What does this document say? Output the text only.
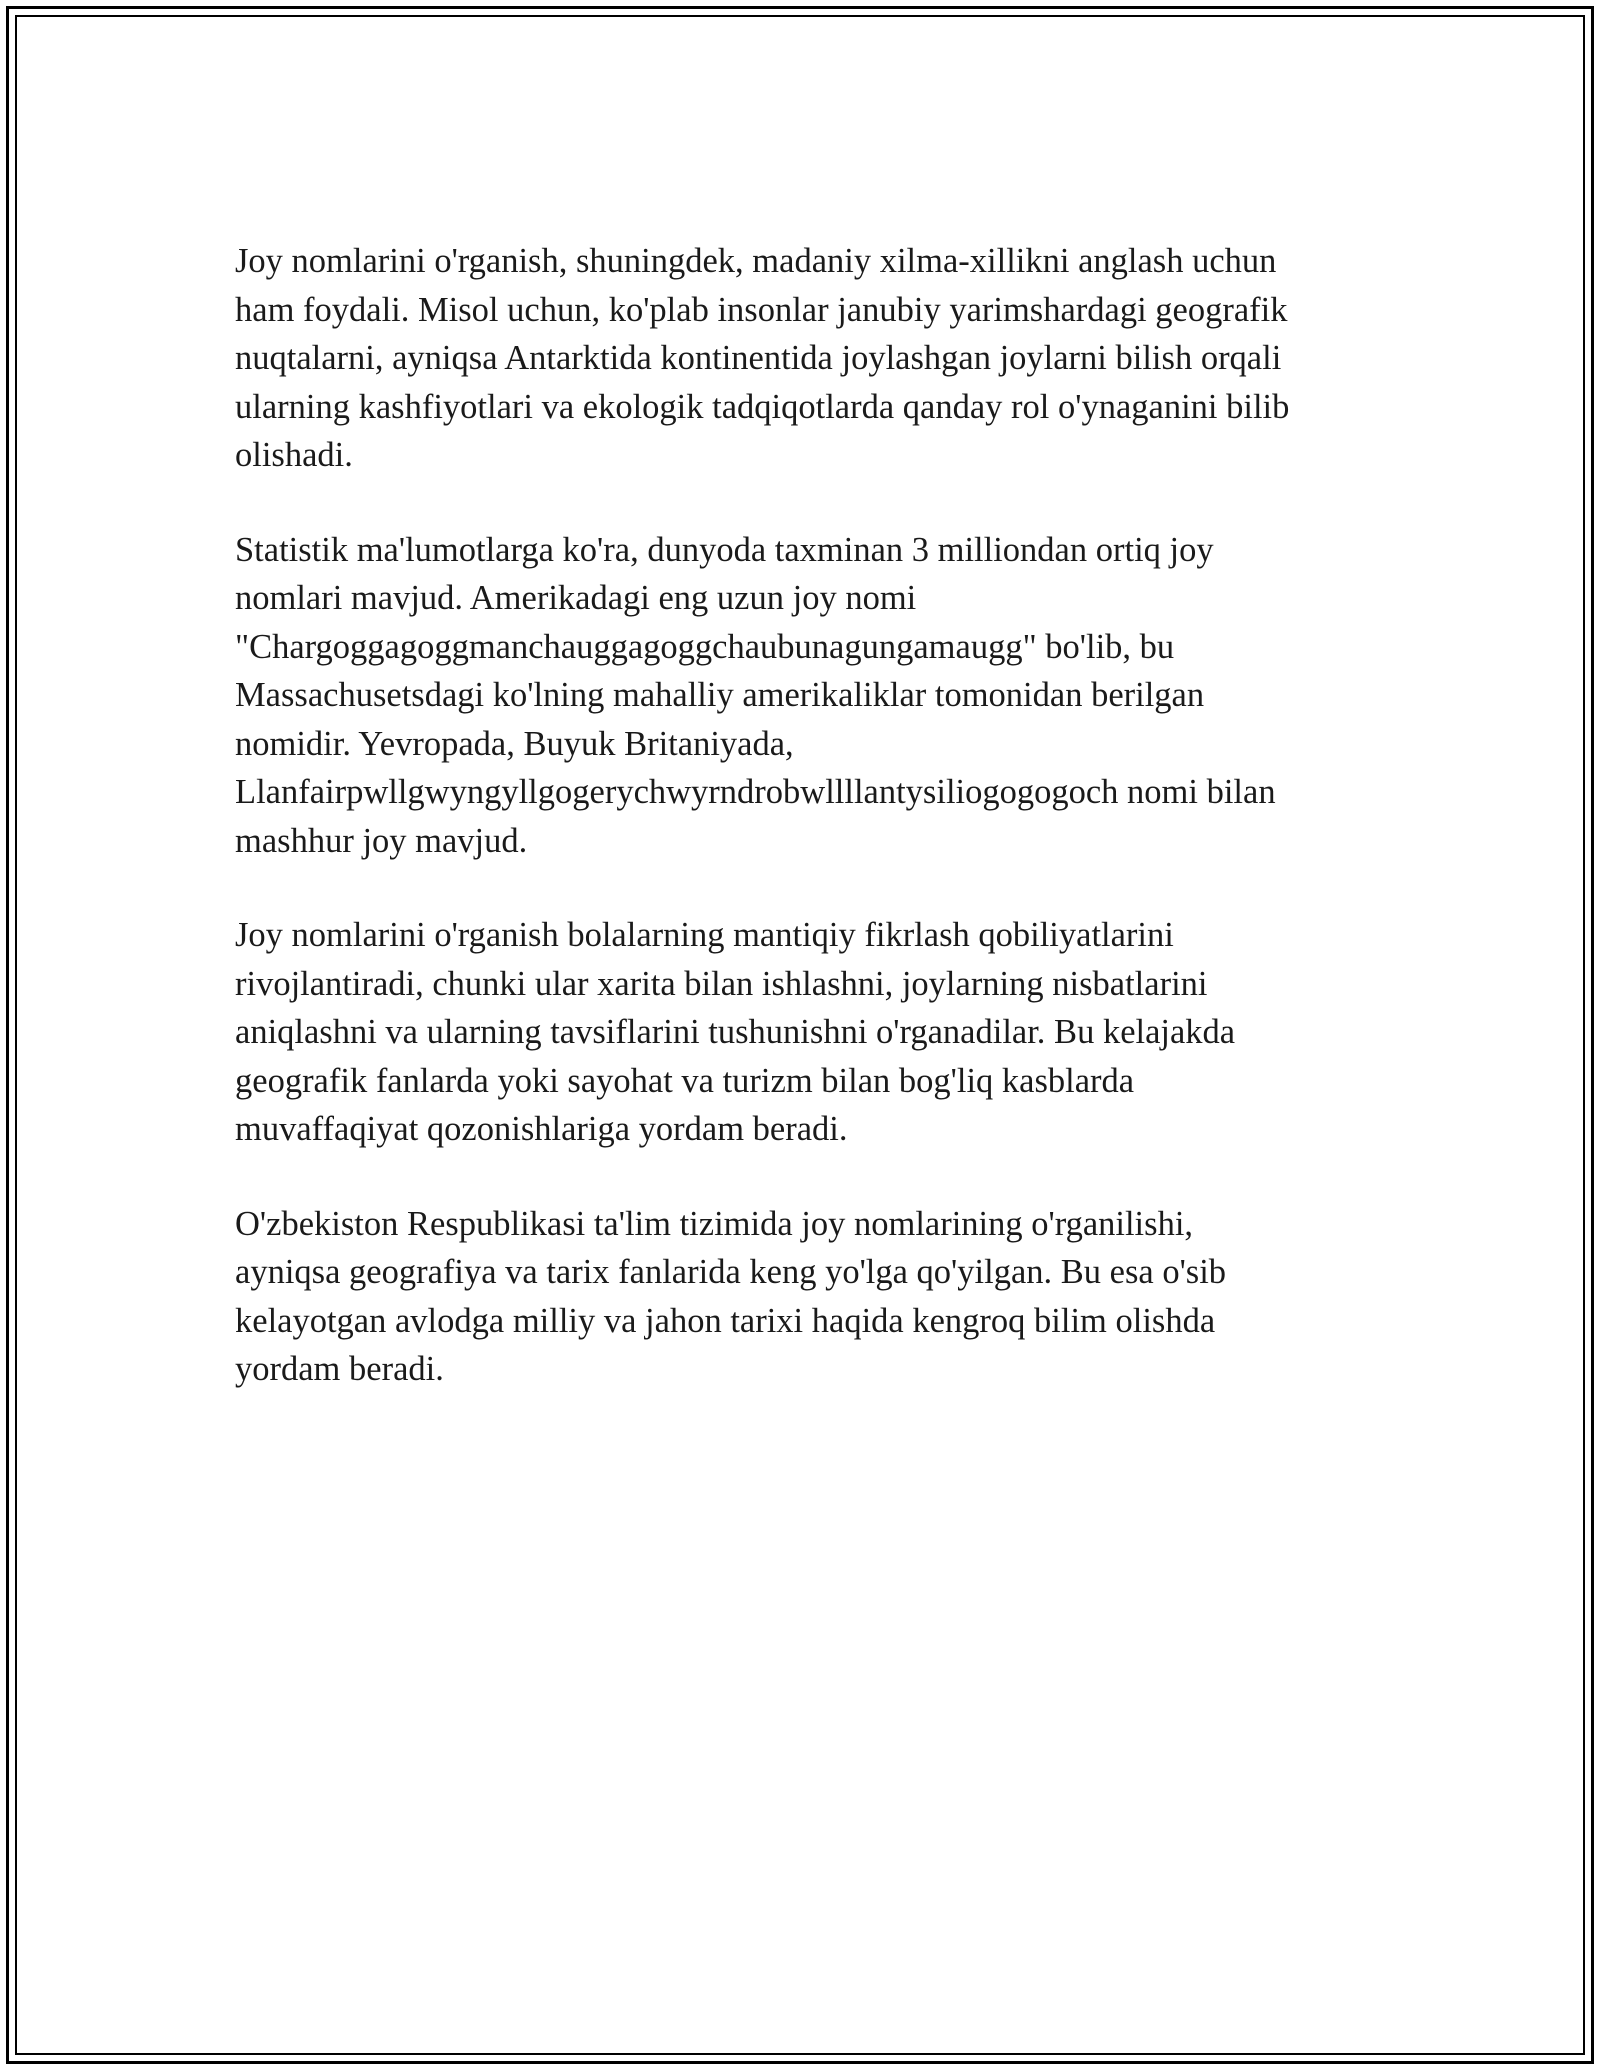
Joy nomlarini o'rganish, shuningdek, madaniy xilma-xillikni anglash uchun
ham foydali. Misol uchun, ko'plab insonlar janubiy yarimshardagi geografik
nuqtalarni, ayniqsa Antarktida kontinentida joylashgan joylarni bilish orqali
ularning kashfiyotlari va ekologik tadqiqotlarda qanday rol o'ynaganini bilib
olishadi.

Statistik ma'lumotlarga ko'ra, dunyoda taxminan 3 milliondan ortiq joy
nomlari mavjud. Amerikadagi eng uzun joy nomi
"Chargoggagoggmanchauggagoggchaubunagungamaugg" bo'lib, bu
Massachusetsdagi ko'lning mahalliy amerikaliklar tomonidan berilgan
nomidir. Yevropada, Buyuk Britaniyada,
Llanfairpwllgwyngyllgogerychwyrndrobwllllantysiliogogogoch nomi bilan
mashhur joy mavjud.

Joy nomlarini o'rganish bolalarning mantiqiy fikrlash qobiliyatlarini
rivojlantiradi, chunki ular xarita bilan ishlashni, joylarning nisbatlarini
aniqlashni va ularning tavsiflarini tushunishni o'rganadilar. Bu kelajakda
geografik fanlarda yoki sayohat va turizm bilan bog'liq kasblarda
muvaffaqiyat qozonishlariga yordam beradi.

O'zbekiston Respublikasi ta'lim tizimida joy nomlarining o'rganilishi,
ayniqsa geografiya va tarix fanlarida keng yo'lga qo'yilgan. Bu esa o'sib
kelayotgan avlodga milliy va jahon tarixi haqida kengroq bilim olishda
yordam beradi.
